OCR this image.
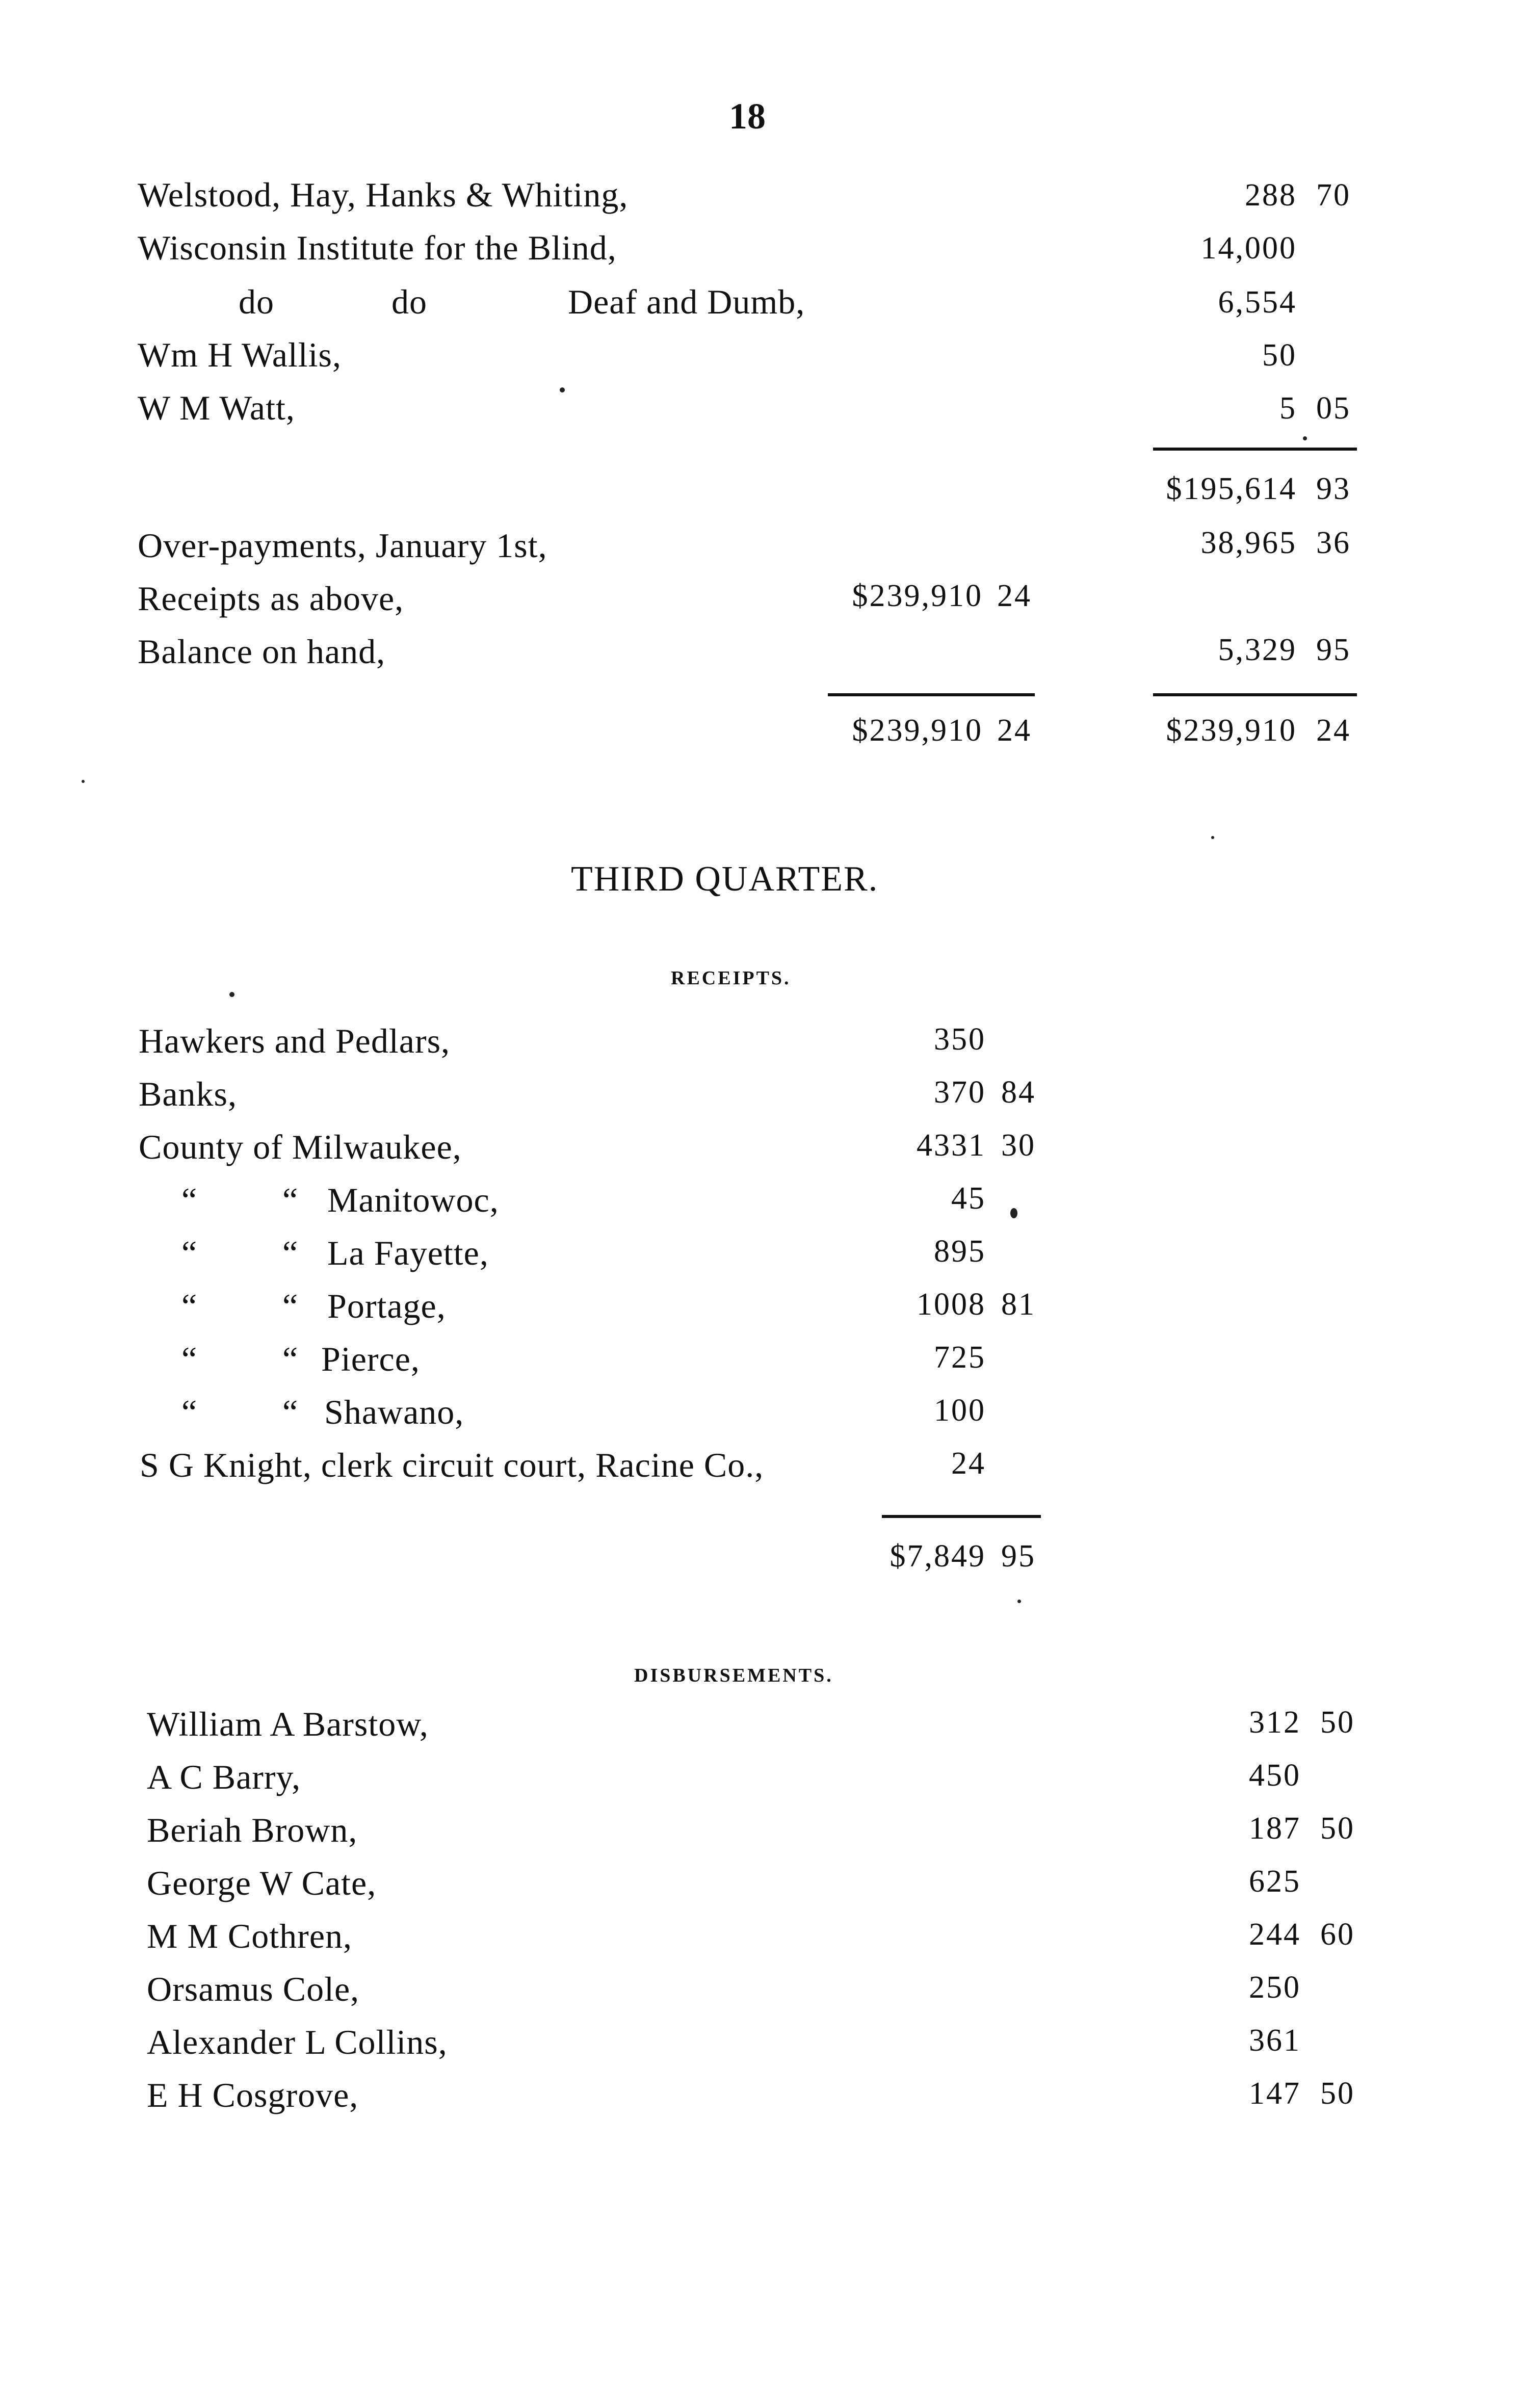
18
Welstood, Hay, Hanks & Whiting,	288 70
Wisconsin Institute for the Blind,	14,000
do	do	Deaf and Dumb,	6,554
Wm H Wallis,	50
W M Watt,	5 05
$195,614 93
Over-payments, January 1st,	38,965 36
Receipts as above,	$239,910 24
Balance on hand,	5,329 95
$239,910 24	$239,910 24
THIRD QUARTER.
RECEIPTS.
Hawkers and Pedlars,	350
Banks,	370 84
County of Milwaukee,	4331 30
“ “ Manitowoc,	45
“ “ La Fayette,	895
“ “ Portage,	1008 81
“ “ Pierce,	725
“ “ Shawano,	100
S G Knight, clerk circuit court, Racine Co.,	24
$7,849 95
DISBURSEMENTS.
William A Barstow,	312 50
A C Barry,	450
Beriah Brown,	187 50
George W Cate,	625
M M Cothren,	244 60
Orsamus Cole,	250
Alexander L Collins,	361
E H Cosgrove,	147 50
